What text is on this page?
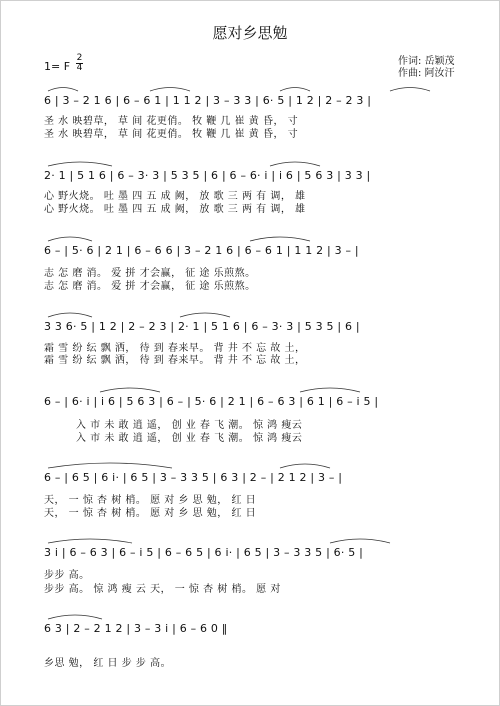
愿对乡思勉
1= F
2
4
作词: 岳颖茂
作曲: 阿汝汗
6 | 3 – 2 1 6 | 6 – 6 1 | 1 1 2 | 3 – 3 3 | 6· 5 | 1 2 | 2 – 2 3 |
圣 水 映碧草， 草 间 花更俏。 牧 鞭 几 崔 黄 昏， 寸
圣 水 映碧草， 草 间 花更俏。 牧 鞭 几 崔 黄 昏， 寸
2· 1 | 5 1 6 | 6 – 3· 3 | 5 3 5 | 6 | 6 – 6· i | i 6 | 5 6 3 | 3 3 |
心 野火烧。 吐 墨 四 五 成 阙， 放 歌 三 两 有 调， 雄
心 野火烧。 吐 墨 四 五 成 阙， 放 歌 三 两 有 调， 雄
6 – | 5· 6 | 2 1 | 6 – 6 6 | 3 – 2 1 6 | 6 – 6 1 | 1 1 2 | 3 – |
志 怎 磨 消。 爱 拼 才会赢， 征 途 乐煎熬。
志 怎 磨 消。 爱 拼 才会赢， 征 途 乐煎熬。
3 3 6· 5 | 1 2 | 2 – 2 3 | 2· 1 | 5 1 6 | 6 – 3· 3 | 5 3 5 | 6 |
霜 雪 纷 纭 飘 洒， 待 到 春来早。 背 井 不 忘 故 土，
霜 雪 纷 纭 飘 洒， 待 到 春来早。 背 井 不 忘 故 土，
6 – | 6· i | i 6 | 5 6 3 | 6 – | 5· 6 | 2 1 | 6 – 6 3 | 6 1 | 6 – i 5 |
入 市 未 敢 逍 遥， 创 业 春 飞 潮。 惊 鸿 瘦云
入 市 未 敢 逍 遥， 创 业 春 飞 潮。 惊 鸿 瘦云
6 – | 6 5 | 6 i· | 6 5 | 3 – 3 3 5 | 6 3 | 2 – | 2 1 2 | 3 – |
天， 一 惊 杏 树 梢。 愿 对 乡 思 勉， 红 日
天， 一 惊 杏 树 梢。 愿 对 乡 思 勉， 红 日
3 i | 6 – 6 3 | 6 – i 5 | 6 – 6 5 | 6 i· | 6 5 | 3 – 3 3 5 | 6· 5 |
步步 高。
步步 高。 惊 鸿 瘦 云 天， 一 惊 杏 树 梢。 愿 对
6 3 | 2 – 2 1 2 | 3 – 3 i | 6 – 6 0 ‖
乡思 勉， 红 日 步 步 高。
